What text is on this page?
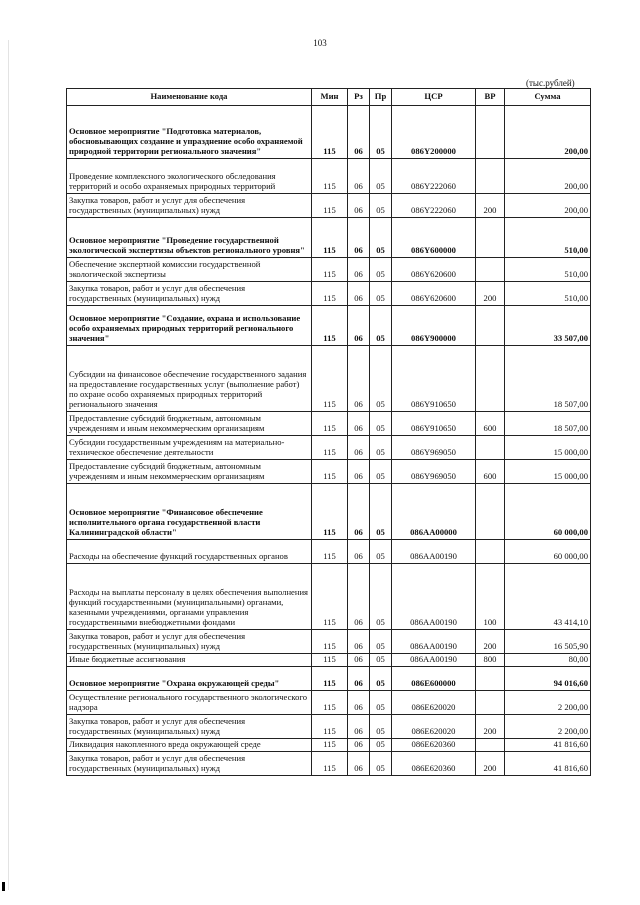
103
(тыс.рублей)
Наименование кода	Мин	Рз	Пр	ЦСР	ВР	Сумма
Основное мероприятие "Подготовка материалов, обосновывающих создание и упразднение особо охраняемой природной территории регионального значения"	115	06	05	086Y200000		200,00
Проведение комплексного экологического обследования территорий и особо охраняемых природных территорий	115	06	05	086Y222060		200,00
Закупка товаров, работ и услуг для обеспечения государственных (муниципальных) нужд	115	06	05	086Y222060	200	200,00
Основное мероприятие "Проведение государственной экологической экспертизы объектов регионального уровня"	115	06	05	086Y600000		510,00
Обеспечение экспертной комиссии государственной экологической экспертизы	115	06	05	086Y620600		510,00
Закупка товаров, работ и услуг для обеспечения государственных (муниципальных) нужд	115	06	05	086Y620600	200	510,00
Основное мероприятие "Создание, охрана и использование особо охраняемых природных территорий регионального значения"	115	06	05	086Y900000		33 507,00
Субсидии на финансовое обеспечение государственного задания на предоставление государственных услуг (выполнение работ) по охране особо охраняемых природных территорий регионального значения	115	06	05	086Y910650		18 507,00
Предоставление субсидий бюджетным, автономным учреждениям и иным некоммерческим организациям	115	06	05	086Y910650	600	18 507,00
Субсидии государственным учреждениям на материально-техническое обеспечение деятельности	115	06	05	086Y969050		15 000,00
Предоставление субсидий бюджетным, автономным учреждениям и иным некоммерческим организациям	115	06	05	086Y969050	600	15 000,00
Основное мероприятие "Финансовое обеспечение исполнительного органа государственной власти Калининградской области"	115	06	05	086АА00000		60 000,00
Расходы на обеспечение функций государственных органов	115	06	05	086АА00190		60 000,00
Расходы на выплаты персоналу в целях обеспечения выполнения функций государственными (муниципальными) органами, казенными учреждениями, органами управления государственными внебюджетными фондами	115	06	05	086АА00190	100	43 414,10
Закупка товаров, работ и услуг для обеспечения государственных (муниципальных) нужд	115	06	05	086АА00190	200	16 505,90
Иные бюджетные ассигнования	115	06	05	086АА00190	800	80,00
Основное мероприятие "Охрана окружающей среды"	115	06	05	086Е600000		94 016,60
Осуществление регионального государственного экологического надзора	115	06	05	086Е620020		2 200,00
Закупка товаров, работ и услуг для обеспечения государственных (муниципальных) нужд	115	06	05	086Е620020	200	2 200,00
Ликвидация накопленного вреда окружающей среде	115	06	05	086Е620360		41 816,60
Закупка товаров, работ и услуг для обеспечения государственных (муниципальных) нужд	115	06	05	086Е620360	200	41 816,60
